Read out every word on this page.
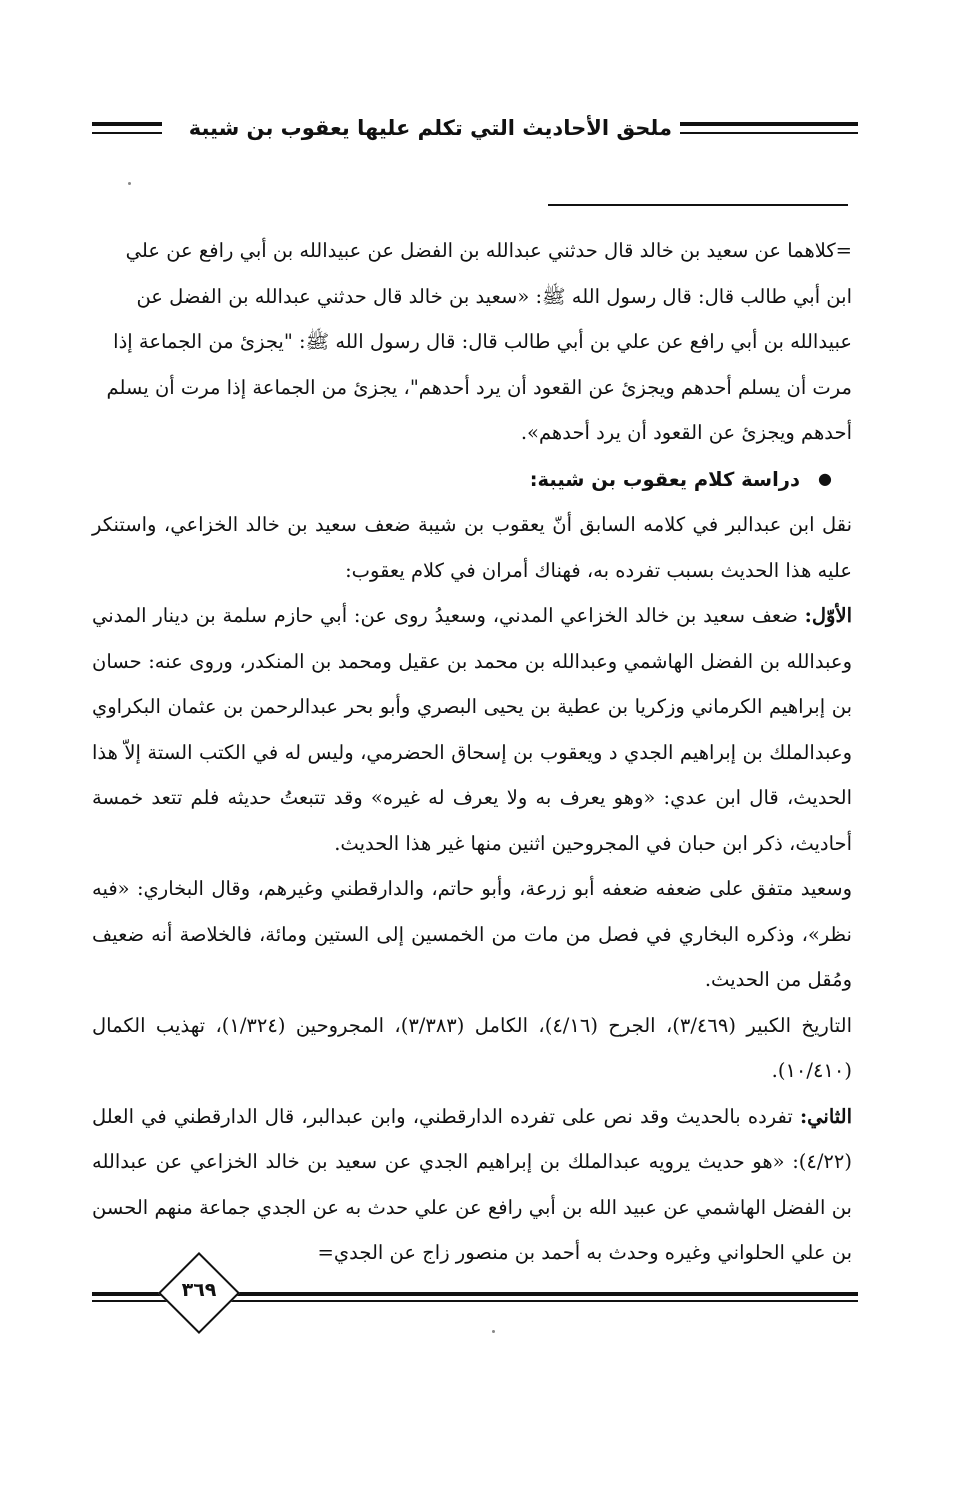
ملحق الأحاديث التي تكلم عليها يعقوب بن شيبة

=كلاهما عن سعيد بن خالد قال حدثني عبدالله بن الفضل عن عبيدالله بن أبي رافع عن علي

ابن أبي طالب قال: قال رسول الله ﷺ: «سعيد بن خالد قال حدثني عبدالله بن الفضل عن

عبيدالله بن أبي رافع عن علي بن أبي طالب قال: قال رسول الله ﷺ: "يجزئ من الجماعة إذا

مرت أن يسلم أحدهم ويجزئ عن القعود أن يرد أحدهم"، يجزئ من الجماعة إذا مرت أن يسلم

أحدهم ويجزئ عن القعود أن يرد أحدهم».

●دراسة كلام يعقوب بن شيبة:

نقل ابن عبدالبر في كلامه السابق أنّ يعقوب بن شيبة ضعف سعيد بن خالد الخزاعي، واستنكر عليه هذا الحديث بسبب تفرده به، فهناك أمران في كلام يعقوب:

الأوّل: ضعف سعيد بن خالد الخزاعي المدني، وسعيدُ روى عن: أبي حازم سلمة بن دينار المدني وعبدالله بن الفضل الهاشمي وعبدالله بن محمد بن عقيل ومحمد بن المنكدر، وروى عنه: حسان بن إبراهيم الكرماني وزكريا بن عطية بن يحيى البصري وأبو بحر عبدالرحمن بن عثمان البكراوي وعبدالملك بن إبراهيم الجدي د ويعقوب بن إسحاق الحضرمي، وليس له في الكتب الستة إلاّ هذا الحديث، قال ابن عدي: «وهو يعرف به ولا يعرف له غيره» وقد تتبعتُ حديثه فلم تتعد خمسة أحاديث، ذكر ابن حبان في المجروحين اثنين منها غير هذا الحديث.

وسعيد متفق على ضعفه ضعفه أبو زرعة، وأبو حاتم، والدارقطني وغيرهم، وقال البخاري: «فيه نظر»، وذكره البخاري في فصل من مات من الخمسين إلى الستين ومائة، فالخلاصة أنه ضعيف ومُقل من الحديث.

التاريخ الكبير (٣/٤٦٩)، الجرح (٤/١٦)، الكامل (٣/٣٨٣)، المجروحين (١/٣٢٤)، تهذيب الكمال (١٠/٤١٠).

الثاني: تفرده بالحديث وقد نص على تفرده الدارقطني، وابن عبدالبر، قال الدارقطني في العلل (٤/٢٢): «هو حديث يرويه عبدالملك بن إبراهيم الجدي عن سعيد بن خالد الخزاعي عن عبدالله بن الفضل الهاشمي عن عبيد الله بن أبي رافع عن علي حدث به عن الجدي جماعة منهم الحسن بن علي الحلواني وغيره وحدث به أحمد بن منصور زاج عن الجدي=

٣٦٩
